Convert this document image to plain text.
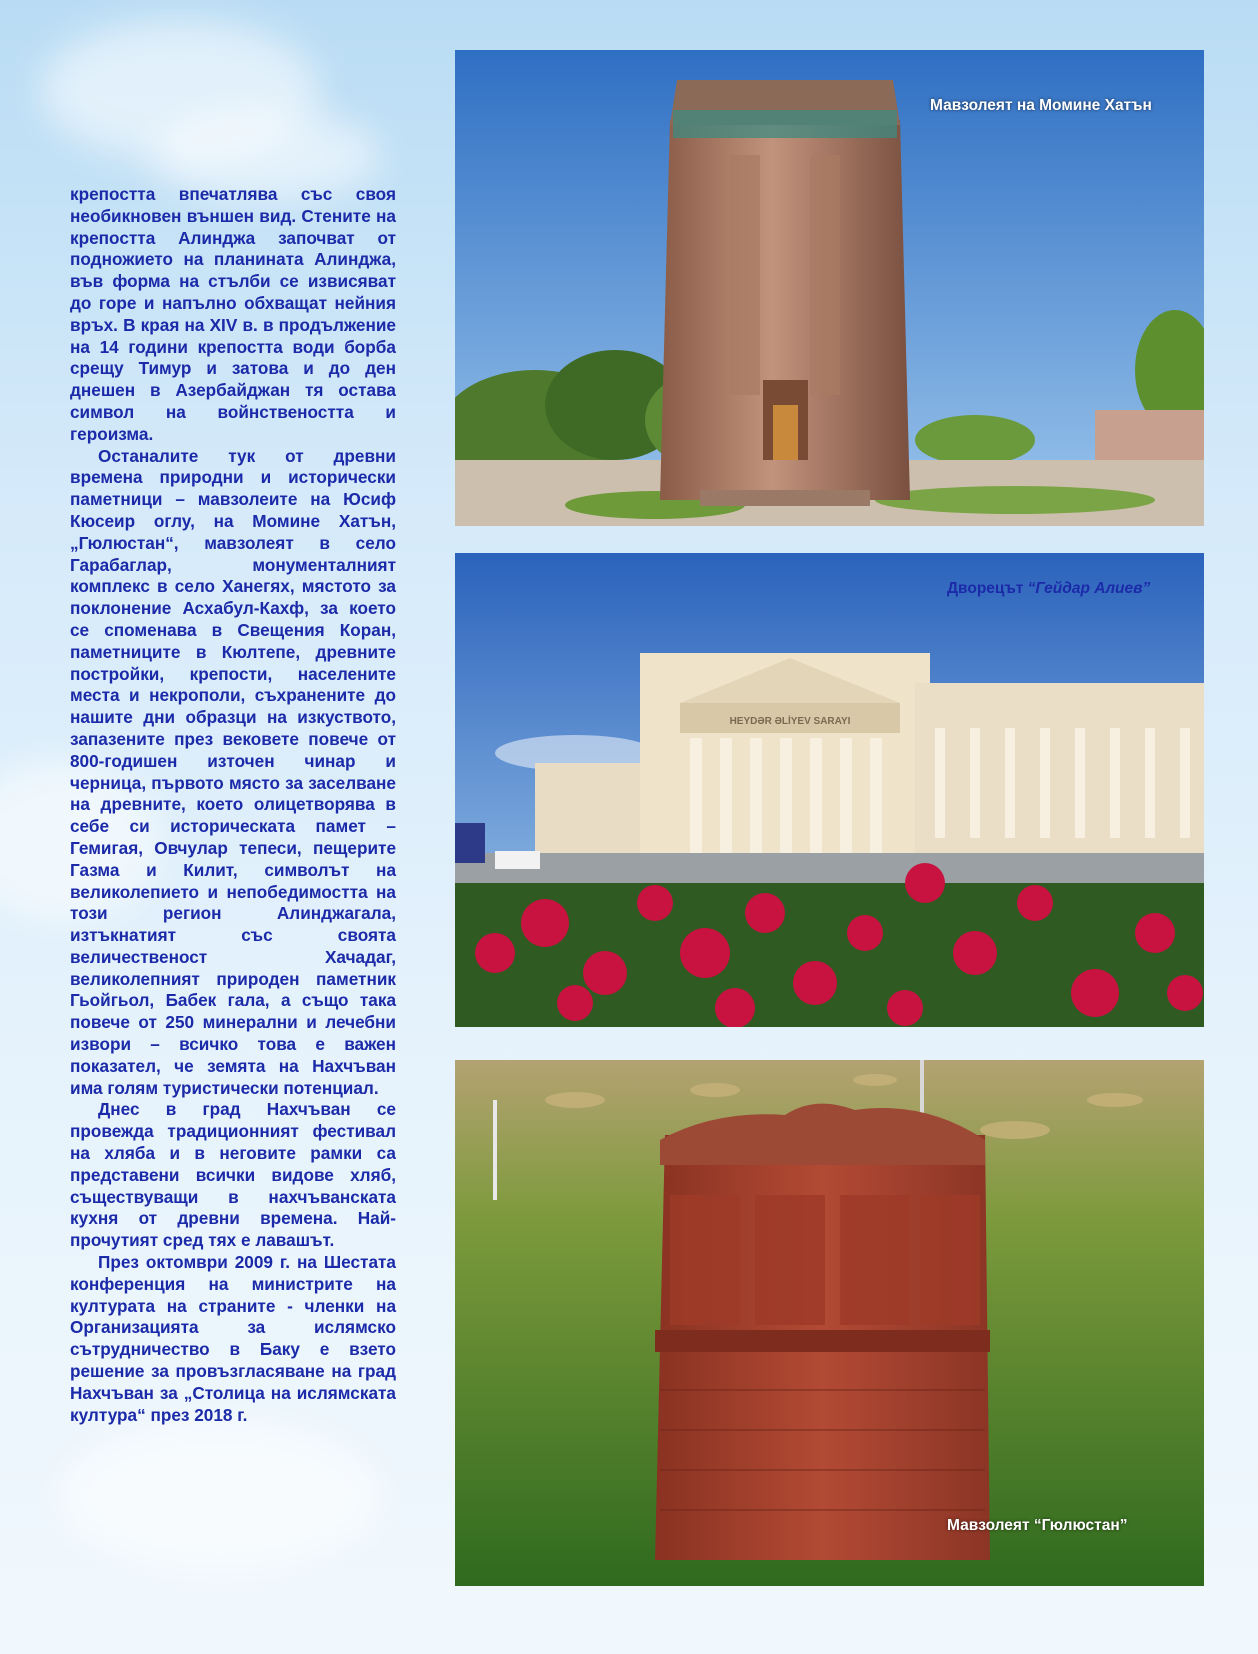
крепостта впечатлява със своя необикновен външен вид. Стените на крепостта Алинджа започват от подножието на планината Алинджа, във форма на стълби се извисяват до горе и напълно обхващат нейния връх. В края на XIV в. в продължение на 14 години крепостта води борба срещу Тимур и затова и до ден днешен в Азербайджан тя остава символ на войнствеността и героизма.

Останалите тук от древни времена природни и исторически паметници – мавзолеите на Юсиф Кюсеир оглу, на Момине Хатън, „Гюлюстан“, мавзолеят в село Гарабаглар, монументалният комплекс в село Ханегях, мястото за поклонение Асхабул-Кахф, за което се споменава в Свещения Коран, паметниците в Кюлтепе, древните постройки, крепости, населените места и некрополи, съхранените до нашите дни образци на изкуството, запазените през вековете повече от 800-годишен източен чинар и черница, първото място за заселване на древните, което олицетворява в себе си историческата памет – Гемигая, Овчулар тепеси, пещерите Газма и Килит, символът на великолепието и непобедимостта на този регион Алинджагала, изтъкнатият със своята величественост Хачадаг, великолепният природен паметник Гьойгьол, Бабек гала, а също така повече от 250 минерални и лечебни извори – всичко това е важен показател, че земята на Нахчъван има голям туристически потенциал.

Днес в град Нахчъван се провежда традиционният фестивал на хляба и в неговите рамки са представени всички видове хляб, съществуващи в нахчъванската кухня от древни времена. Най-прочутият сред тях е лавашът.

През октомври 2009 г. на Шестата конференция на министрите на културата на страните - членки на Организацията за ислямско сътрудничество в Баку е взето решение за провъзгласяване на град Нахчъван за „Столица на ислямската култура“ през 2018 г.

Мавзолеят на Момине Хатън
HEYDƏR ƏLİYEV SARAYI
Дворецът “Гейдар Алиев”
Мавзолеят “Гюлюстан”
